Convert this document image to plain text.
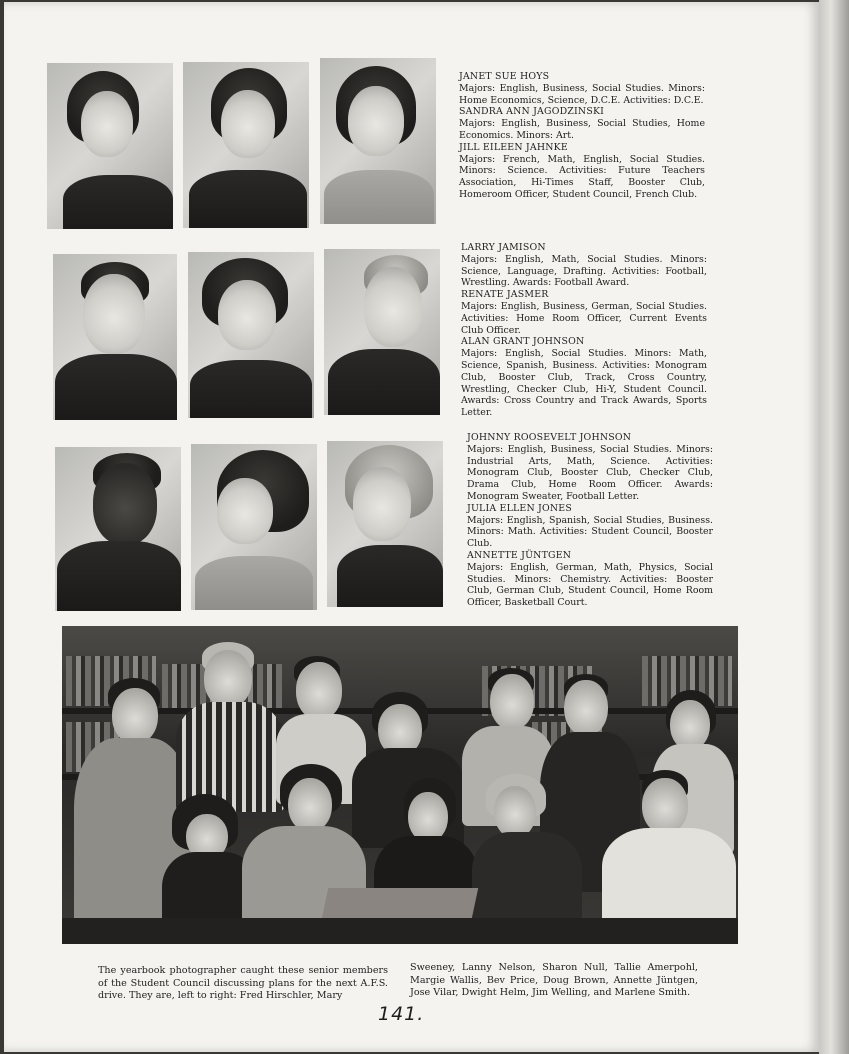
JANET SUE HOYS
Majors: English, Business, Social Studies. Minors: Home Economics, Science, D.C.E. Activities: D.C.E.
SANDRA ANN JAGODZINSKI
Majors: English, Business, Social Studies, Home Economics. Minors: Art.
JILL EILEEN JAHNKE
Majors: French, Math, English, Social Studies. Minors: Science. Activities: Future Teachers Association, Hi-Times Staff, Booster Club, Homeroom Officer, Student Council, French Club.
LARRY JAMISON
Majors: English, Math, Social Studies. Minors: Science, Language, Drafting. Activities: Football, Wrestling. Awards: Football Award.
RENATE JASMER
Majors: English, Business, German, Social Studies. Activities: Home Room Officer, Current Events Club Officer.
ALAN GRANT JOHNSON
Majors: English, Social Studies. Minors: Math, Science, Spanish, Business. Activities: Monogram Club, Booster Club, Track, Cross Country, Wrestling, Checker Club, Hi-Y, Student Council. Awards: Cross Country and Track Awards, Sports Letter.
JOHNNY ROOSEVELT JOHNSON
Majors: English, Business, Social Studies. Minors: Industrial Arts, Math, Science. Activities: Monogram Club, Booster Club, Checker Club, Drama Club, Home Room Officer. Awards: Monogram Sweater, Football Letter.
JULIA ELLEN JONES
Majors: English, Spanish, Social Studies, Business. Minors: Math. Activities: Student Council, Booster Club.
ANNETTE JÜNTGEN
Majors: English, German, Math, Physics, Social Studies. Minors: Chemistry. Activities: Booster Club, German Club, Student Council, Home Room Officer, Basketball Court.
The yearbook photographer caught these senior members of the Student Council discussing plans for the next A.F.S. drive. They are, left to right: Fred Hirschler, Mary
Sweeney, Lanny Nelson, Sharon Null, Tallie Amerpohl, Margie Wallis, Bev Price, Doug Brown, Annette Jüntgen, Jose Vilar, Dwight Helm, Jim Welling, and Marlene Smith.
141.
